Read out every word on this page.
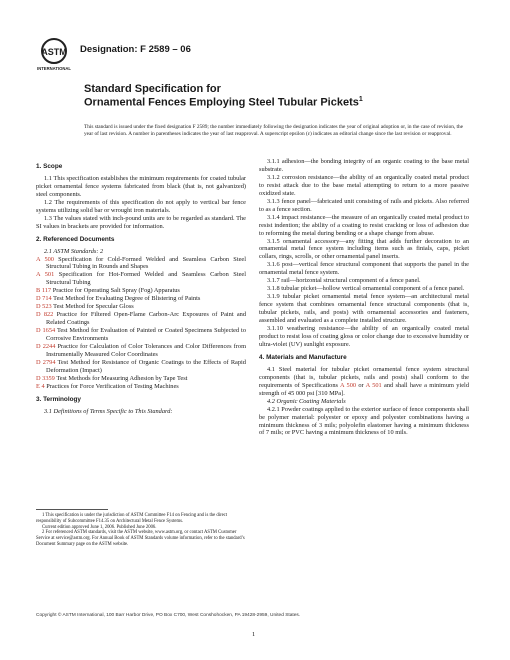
ASTM
INTERNATIONAL
Designation: F 2589 – 06
Standard Specification for
Ornamental Fences Employing Steel Tubular Pickets$^1$
This standard is issued under the fixed designation F 2589; the number immediately following the designation indicates the year of original adoption or, in the case of revision, the year of last revision. A number in parentheses indicates the year of last reapproval. A superscript epsilon (ε) indicates an editorial change since the last revision or reapproval.

1. Scope

1.1 This specification establishes the minimum requirements for coated tubular picket ornamental fence systems fabricated from black (that is, not galvanized) steel components.

1.2 The requirements of this specification do not apply to vertical bar fence systems utilizing solid bar or wrought iron materials.

1.3 The values stated with inch-pound units are to be regarded as standard. The SI values in brackets are provided for information.

2. Referenced Documents

2.1 ASTM Standards: 2

A 500 Specification for Cold-Formed Welded and Seamless Carbon Steel Structural Tubing in Rounds and Shapes

A 501 Specification for Hot-Formed Welded and Seamless Carbon Steel Structural Tubing

B 117 Practice for Operating Salt Spray (Fog) Apparatus

D 714 Test Method for Evaluating Degree of Blistering of Paints

D 523 Test Method for Specular Gloss

D 822 Practice for Filtered Open-Flame Carbon-Arc Exposures of Paint and Related Coatings

D 1654 Test Method for Evaluation of Painted or Coated Specimens Subjected to Corrosive Environments

D 2244 Practice for Calculation of Color Tolerances and Color Differences from Instrumentally Measured Color Coordinates

D 2794 Test Method for Resistance of Organic Coatings to the Effects of Rapid Deformation (Impact)

D 3359 Test Methods for Measuring Adhesion by Tape Test

E 4 Practices for Force Verification of Testing Machines

3. Terminology

3.1 Definitions of Terms Specific to This Standard:

1 This specification is under the jurisdiction of ASTM Committee F14 on Fencing and is the direct responsibility of Subcommittee F14.35 on Architectural Metal Fence Systems.

Current edition approved June 1, 2006. Published June 2006.

2 For referenced ASTM standards, visit the ASTM website, www.astm.org, or contact ASTM Customer Service at service@astm.org. For Annual Book of ASTM Standards volume information, refer to the standard’s Document Summary page on the ASTM website.

3.1.1 adhesion—the bonding integrity of an organic coating to the base metal substrate.

3.1.2 corrosion resistance—the ability of an organically coated metal product to resist attack due to the base metal attempting to return to a more passive oxidized state.

3.1.3 fence panel—fabricated unit consisting of rails and pickets. Also referred to as a fence section.

3.1.4 impact resistance—the measure of an organically coated metal product to resist indention; the ability of a coating to resist cracking or loss of adhesion due to reforming the metal during bending or a shape change from abuse.

3.1.5 ornamental accessory—any fitting that adds further decoration to an ornamental metal fence system including items such as finials, caps, picket collars, rings, scrolls, or other ornamental panel inserts.

3.1.6 post—vertical fence structural component that supports the panel in the ornamental metal fence system.

3.1.7 rail—horizontal structural component of a fence panel.

3.1.8 tubular picket—hollow vertical ornamental component of a fence panel.

3.1.9 tubular picket ornamental metal fence system—an architectural metal fence system that combines ornamental fence structural components (that is, tubular pickets, rails, and posts) with ornamental accessories and fasteners, assembled and evaluated as a complete installed structure.

3.1.10 weathering resistance—the ability of an organically coated metal product to resist loss of coating gloss or color change due to excessive humidity or ultra-violet (UV) sunlight exposure.

4. Materials and Manufacture

4.1 Steel material for tubular picket ornamental fence system structural components (that is, tubular pickets, rails and posts) shall conform to the requirements of Specifications A 500 or A 501 and shall have a minimum yield strength of 45 000 psi [310 MPa].

4.2 Organic Coating Materials

4.2.1 Powder coatings applied to the exterior surface of fence components shall be polymer material: polyester or epoxy and polyester combinations having a minimum thickness of 3 mils; polyolefin elastomer having a minimum thickness of 7 mils; or PVC having a minimum thickness of 10 mils.

Copyright © ASTM International, 100 Barr Harbor Drive, PO Box C700, West Conshohocken, PA 19428-2959, United States.
1
